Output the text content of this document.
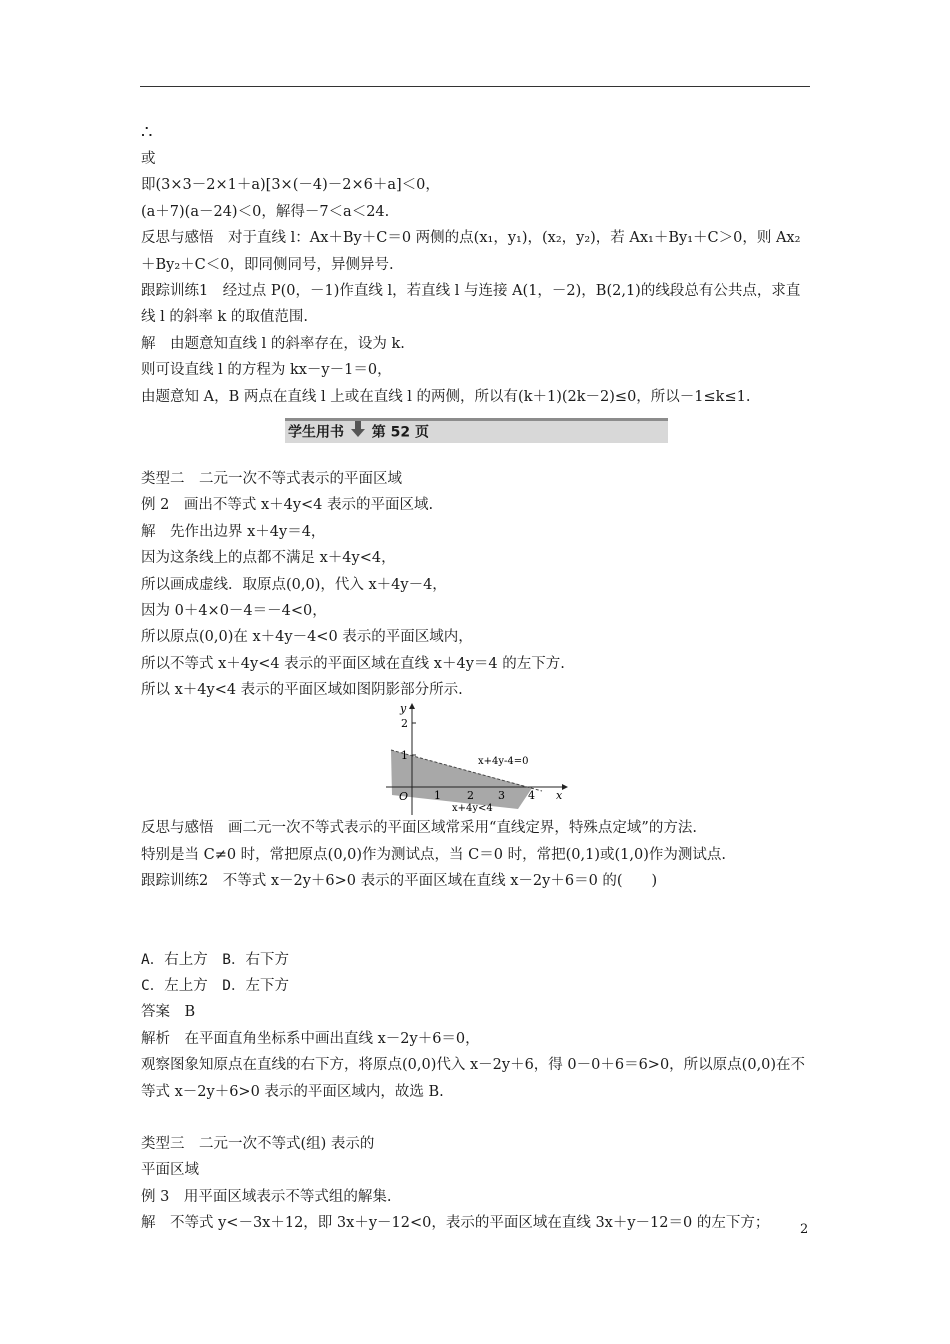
∴
或
即(3×3－2×1＋a)[3×(－4)－2×6＋a]＜0，
(a＋7)(a－24)＜0，解得－7＜a＜24.
反思与感悟　对于直线 l：Ax＋By＋C＝0 两侧的点(x₁，y₁)，(x₂，y₂)，若 Ax₁＋By₁＋C＞0，则 Ax₂＋By₂＋C＜0，即同侧同号，异侧异号.
跟踪训练1　经过点 P(0，－1)作直线 l，若直线 l 与连接 A(1，－2)，B(2,1)的线段总有公共点，求直线 l 的斜率 k 的取值范围.
解　由题意知直线 l 的斜率存在，设为 k.
则可设直线 l 的方程为 kx－y－1＝0，
由题意知 A，B 两点在直线 l 上或在直线 l 的两侧，所以有(k＋1)(2k－2)≤0，所以－1≤k≤1.
学生用书 第 52 页
类型二　二元一次不等式表示的平面区域
例 2　画出不等式 x＋4y<4 表示的平面区域.
解　先作出边界 x＋4y＝4，
因为这条线上的点都不满足 x＋4y<4，
所以画成虚线．取原点(0,0)，代入 x＋4y－4，
因为 0＋4×0－4＝－4<0，
所以原点(0,0)在 x＋4y－4<0 表示的平面区域内，
所以不等式 x＋4y<4 表示的平面区域在直线 x＋4y＝4 的左下方.
所以 x＋4y<4 表示的平面区域如图阴影部分所示.
y
1
2
O 1 2 3 4 x
x+4y-4=0
x+4y<4
反思与感悟　画二元一次不等式表示的平面区域常采用“直线定界，特殊点定域”的方法.
特别是当 C≠0 时，常把原点(0,0)作为测试点，当 C＝0 时，常把(0,1)或(1,0)作为测试点.
跟踪训练2　不等式 x－2y＋6>0 表示的平面区域在直线 x－2y＋6＝0 的(　　)
A．右上方　B．右下方
C．左上方　D．左下方
答案　B
解析　在平面直角坐标系中画出直线 x－2y＋6＝0，
观察图象知原点在直线的右下方，将原点(0,0)代入 x－2y＋6，得 0－0＋6＝6>0，所以原点(0,0)在不等式 x－2y＋6>0 表示的平面区域内，故选 B.
类型三　二元一次不等式(组) 表示的
平面区域
例 3　用平面区域表示不等式组的解集.
解　不等式 y<－3x＋12，即 3x＋y－12<0，表示的平面区域在直线 3x＋y－12＝0 的左下方；	2
